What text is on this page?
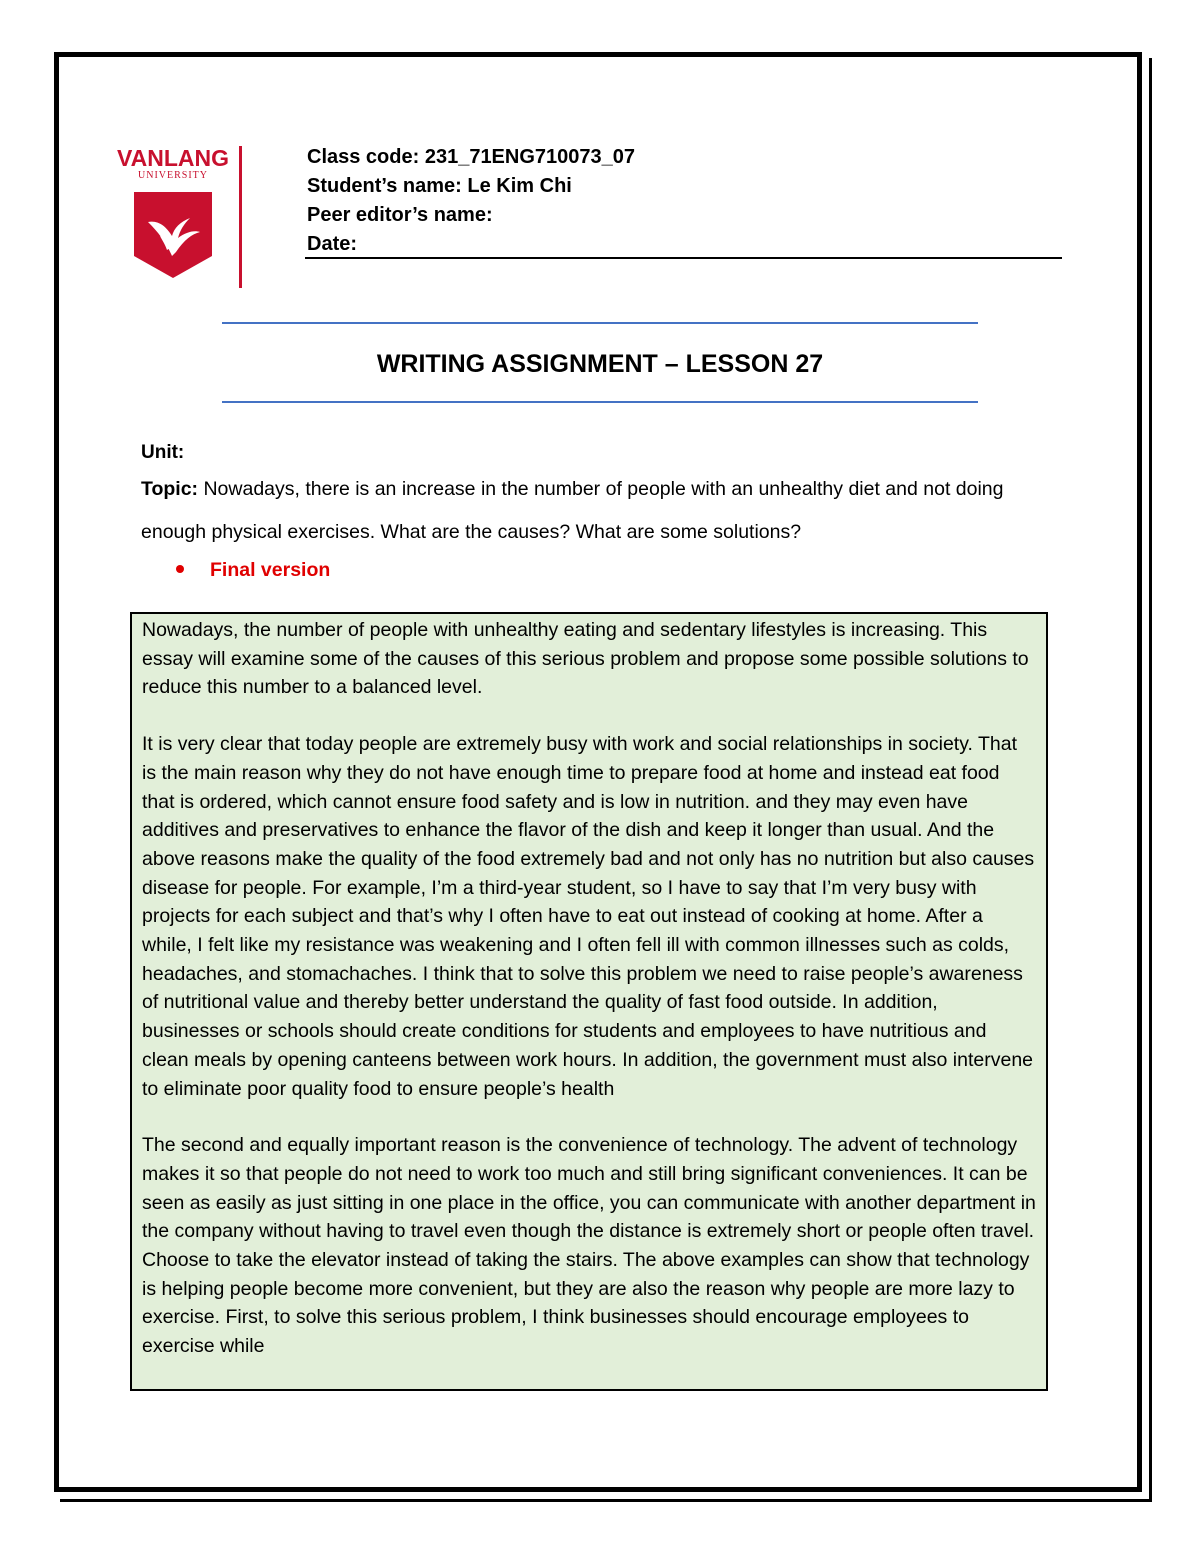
VANLANG
UNIVERSITY
Class code: 231_71ENG710073_07
Student’s name: Le Kim Chi
Peer editor’s name:
Date:
WRITING ASSIGNMENT – LESSON 27
Unit:
Topic: Nowadays, there is an increase in the number of people with an unhealthy diet and not doing enough physical exercises. What are the causes? What are some solutions?
Final version

Nowadays, the number of people with unhealthy eating and sedentary lifestyles is increasing. This essay will examine some of the causes of this serious problem and propose some possible solutions to reduce this number to a balanced level.

It is very clear that today people are extremely busy with work and social relationships in society. That is the main reason why they do not have enough time to prepare food at home and instead eat food that is ordered, which cannot ensure food safety and is low in nutrition. and they may even have additives and preservatives to enhance the flavor of the dish and keep it longer than usual. And the above reasons make the quality of the food extremely bad and not only has no nutrition but also causes disease for people. For example, I’m a third-year student, so I have to say that I’m very busy with projects for each subject and that’s why I often have to eat out instead of cooking at home. After a while, I felt like my resistance was weakening and I often fell ill with common illnesses such as colds, headaches, and stomachaches. I think that to solve this problem we need to raise people’s awareness of nutritional value and thereby better understand the quality of fast food outside. In addition, businesses or schools should create conditions for students and employees to have nutritious and clean meals by opening canteens between work hours. In addition, the government must also intervene to eliminate poor quality food to ensure people’s health

The second and equally important reason is the convenience of technology. The advent of technology makes it so that people do not need to work too much and still bring significant conveniences. It can be seen as easily as just sitting in one place in the office, you can communicate with another department in the company without having to travel even though the distance is extremely short or people often travel. Choose to take the elevator instead of taking the stairs. The above examples can show that technology is helping people become more convenient, but they are also the reason why people are more lazy to exercise. First, to solve this serious problem, I think businesses should encourage employees to exercise while
